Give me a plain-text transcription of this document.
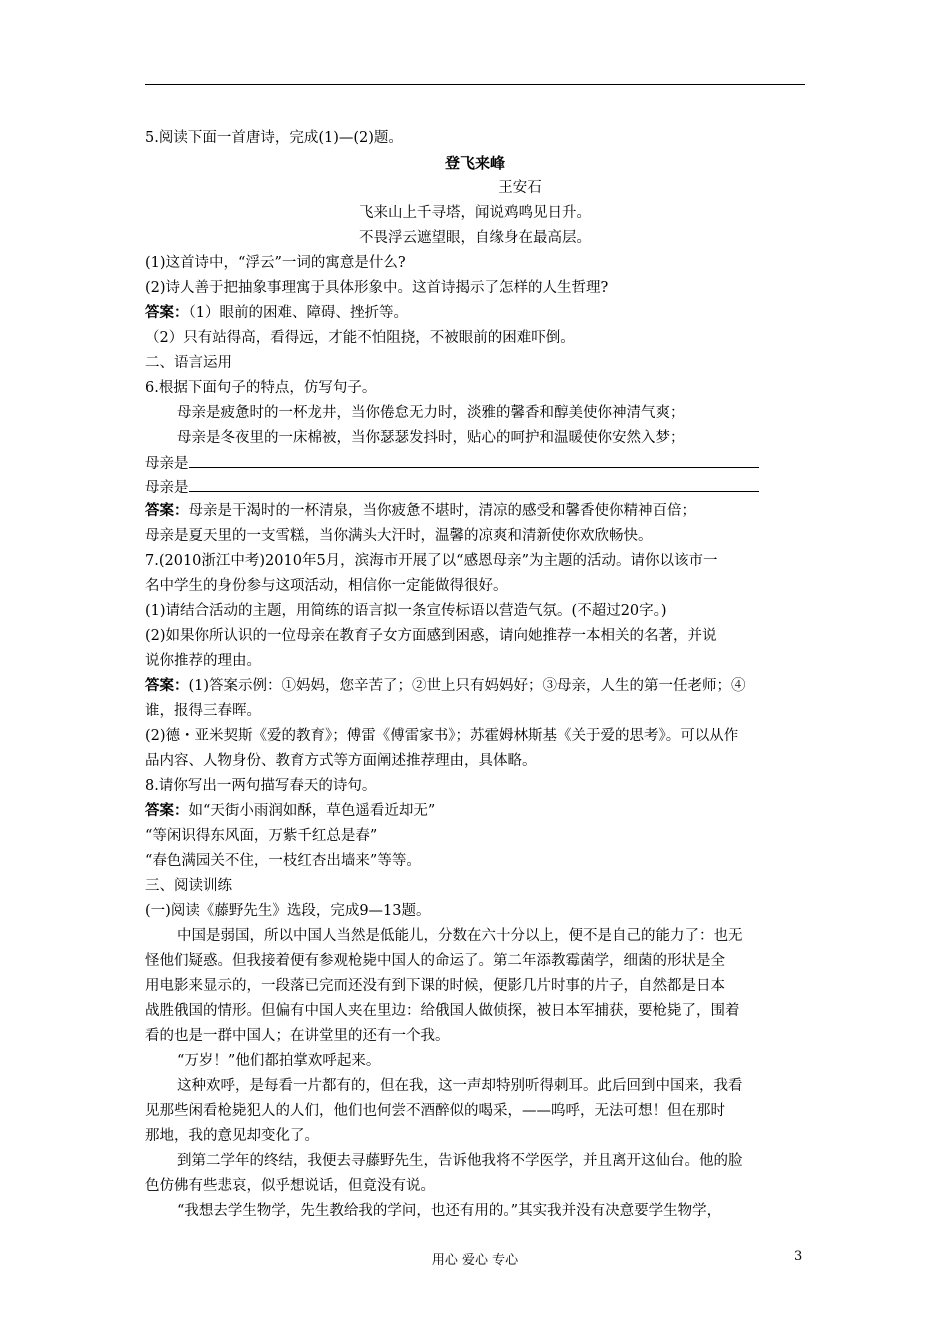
5.阅读下面一首唐诗，完成(1)—(2)题。
登飞来峰
王安石
飞来山上千寻塔，闻说鸡鸣见日升。
不畏浮云遮望眼，自缘身在最高层。
(1)这首诗中，“浮云”一词的寓意是什么?
(2)诗人善于把抽象事理寓于具体形象中。这首诗揭示了怎样的人生哲理?
答案：（1）眼前的困难、障碍、挫折等。
（2）只有站得高，看得远，才能不怕阻挠，不被眼前的困难吓倒。
二、语言运用
6.根据下面句子的特点，仿写句子。
母亲是疲惫时的一杯龙井，当你倦怠无力时，淡雅的馨香和醇美使你神清气爽；
母亲是冬夜里的一床棉被，当你瑟瑟发抖时，贴心的呵护和温暖使你安然入梦；
母亲是
母亲是
答案：母亲是干渴时的一杯清泉，当你疲惫不堪时，清凉的感受和馨香使你精神百倍；
母亲是夏天里的一支雪糕，当你满头大汗时，温馨的凉爽和清新使你欢欣畅快。
7.(2010浙江中考)2010年5月，滨海市开展了以“感恩母亲”为主题的活动。请你以该市一
名中学生的身份参与这项活动，相信你一定能做得很好。
(1)请结合活动的主题，用简练的语言拟一条宣传标语以营造气氛。(不超过20字。)
(2)如果你所认识的一位母亲在教育子女方面感到困惑，请向她推荐一本相关的名著，并说
说你推荐的理由。
答案：(1)答案示例：①妈妈，您辛苦了；②世上只有妈妈好；③母亲，人生的第一任老师；④
谁，报得三春晖。
(2)德・亚米契斯《爱的教育》；傅雷《傅雷家书》；苏霍姆林斯基《关于爱的思考》。可以从作
品内容、人物身份、教育方式等方面阐述推荐理由，具体略。
8.请你写出一两句描写春天的诗句。
答案：如“天街小雨润如酥，草色遥看近却无”
“等闲识得东风面，万紫千红总是春”
“春色满园关不住，一枝红杏出墙来”等等。
三、阅读训练
(一)阅读《藤野先生》选段，完成9—13题。
中国是弱国，所以中国人当然是低能儿，分数在六十分以上，便不是自己的能力了：也无
怪他们疑惑。但我接着便有参观枪毙中国人的命运了。第二年添教霉菌学，细菌的形状是全
用电影来显示的，一段落已完而还没有到下课的时候，便影几片时事的片子，自然都是日本
战胜俄国的情形。但偏有中国人夹在里边：给俄国人做侦探，被日本军捕获，要枪毙了，围着
看的也是一群中国人；在讲堂里的还有一个我。
“万岁！”他们都拍掌欢呼起来。
这种欢呼，是每看一片都有的，但在我，这一声却特别听得刺耳。此后回到中国来，我看
见那些闲看枪毙犯人的人们，他们也何尝不酒醉似的喝采，——呜呼，无法可想！但在那时
那地，我的意见却变化了。
到第二学年的终结，我便去寻藤野先生，告诉他我将不学医学，并且离开这仙台。他的脸
色仿佛有些悲哀，似乎想说话，但竟没有说。
“我想去学生物学，先生教给我的学问，也还有用的。”其实我并没有决意要学生物学，
用心 爱心 专心	3
